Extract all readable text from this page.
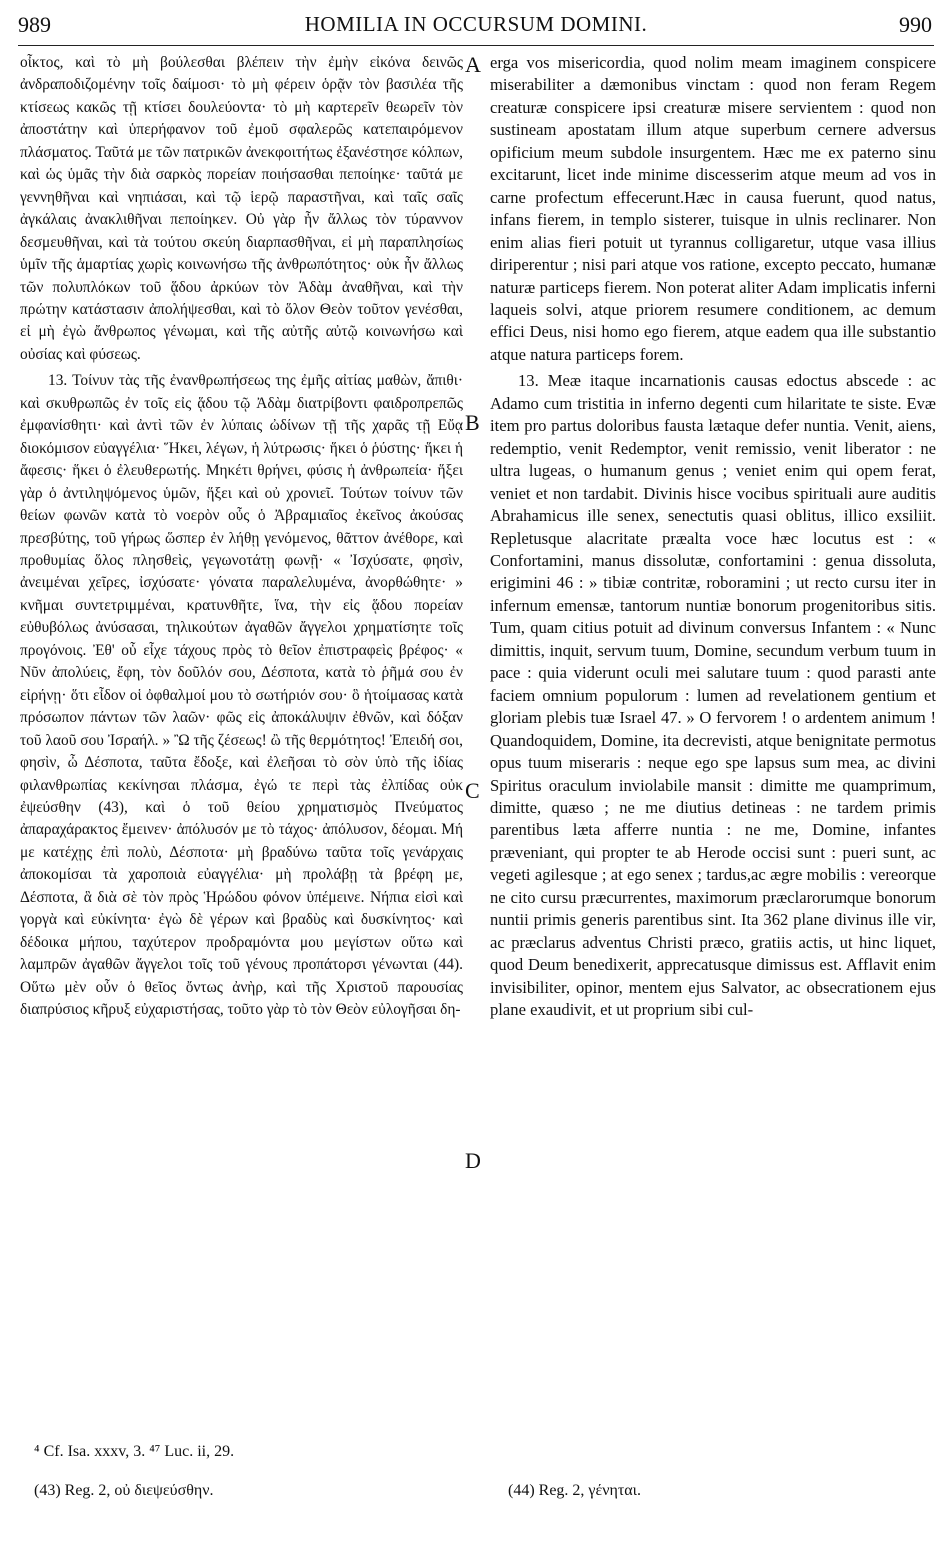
989	HOMILIA IN OCCURSUM DOMINI.	990

οἶκτος, καὶ τὸ μὴ βούλεσθαι βλέπειν τὴν ἐμὴν εἰκόνα δεινῶς ἀνδραποδιζομένην τοῖς δαίμοσι· τὸ μὴ φέρειν ὁρᾷν τὸν βασιλέα τῆς κτίσεως κακῶς τῇ κτίσει δουλεύοντα· τὸ μὴ καρτερεῖν θεωρεῖν τὸν ἀποστάτην καὶ ὑπερήφανον τοῦ ἐμοῦ σφαλερῶς κατεπαιρόμενον πλάσματος. Ταῦτά με τῶν πατρικῶν ἀνεκφοιτήτως ἐξανέστησε κόλπων, καὶ ὡς ὑμᾶς τὴν διὰ σαρκὸς πορείαν ποιήσασθαι πεποίηκε· ταῦτά με γεννηθῆναι καὶ νηπιάσαι, καὶ τῷ ἱερῷ παραστῆναι, καὶ ταῖς σαῖς ἀγκάλαις ἀνακλιθῆναι πεποίηκεν. Οὐ γὰρ ἦν ἄλλως τὸν τύραννον δεσμευθῆναι, καὶ τὰ τούτου σκεύη διαρπασθῆναι, εἰ μὴ παραπλησίως ὑμῖν τῆς ἁμαρτίας χωρὶς κοινωνήσω τῆς ἀνθρωπότητος· οὐκ ἦν ἄλλως τῶν πολυπλόκων τοῦ ᾅδου ἀρκύων τὸν Ἀδὰμ ἀναθῆναι, καὶ τὴν πρώτην κατάστασιν ἀπολήψεσθαι, καὶ τὸ ὅλον Θεὸν τοῦτον γενέσθαι, εἰ μὴ ἐγὼ ἄνθρωπος γένωμαι, καὶ τῆς αὐτῆς αὐτῷ κοινωνήσω καὶ οὐσίας καὶ φύσεως.

13. Τοίνυν τὰς τῆς ἐνανθρωπήσεως της ἐμῆς αἰτίας μαθὼν, ἄπιθι· καὶ σκυθρωπῶς ἐν τοῖς εἰς ᾅδου τῷ Ἀδὰμ διατρίβοντι φαιδροπρεπῶς ἐμφανίσθητι· καὶ ἀντὶ τῶν ἐν λύπαις ὠδίνων τῇ τῆς χαρᾶς τῇ Εὔᾳ διοκόμισον εὐαγγέλια· Ἥκει, λέγων, ἡ λύτρωσις· ἥκει ὁ ῥύστης· ἥκει ἡ ἄφεσις· ἥκει ὁ ἐλευθερωτής. Μηκέτι θρήνει, φύσις ἡ ἀνθρωπεία· ἥξει γὰρ ὁ ἀντιληψόμενος ὑμῶν, ἥξει καὶ οὐ χρονιεῖ. Τούτων τοίνυν τῶν θείων φωνῶν κατὰ τὸ νοερὸν οὖς ὁ Ἀβραμιαῖος ἐκεῖνος ἀκούσας πρεσβύτης, τοῦ γήρως ὥσπερ ἐν λήθῃ γενόμενος, θᾶττον ἀνέθορε, καὶ προθυμίας ὅλος πλησθεὶς, γεγωνοτάτῃ φωνῇ· « Ἰσχύσατε, φησὶν, ἀνειμέναι χεῖρες, ἰσχύσατε· γόνατα παραλελυμένα, ἀνορθώθητε· » κνῆμαι συντετριμμέναι, κρατυνθῆτε, ἵνα, τὴν εἰς ᾅδου πορείαν εὐθυβόλως ἀνύσασαι, τηλικούτων ἀγαθῶν ἄγγελοι χρηματίσητε τοῖς προγόνοις. Ἐθ' οὗ εἶχε τάχους πρὸς τὸ θεῖον ἐπιστραφεὶς βρέφος· « Νῦν ἀπολύεις, ἔφη, τὸν δοῦλόν σου, Δέσποτα, κατὰ τὸ ῥῆμά σου ἐν εἰρήνῃ· ὅτι εἶδον οἱ ὀφθαλμοί μου τὸ σωτήριόν σου· ὃ ἡτοίμασας κατὰ πρόσωπον πάντων τῶν λαῶν· φῶς εἰς ἀποκάλυψιν ἐθνῶν, καὶ δόξαν τοῦ λαοῦ σου Ἰσραήλ. » Ὢ τῆς ζέσεως! ὢ τῆς θερμότητος! Ἐπειδή σοι, φησὶν, ὦ Δέσποτα, ταῦτα ἔδοξε, καὶ ἐλεῆσαι τὸ σὸν ὑπὸ τῆς ἰδίας φιλανθρωπίας κεκίνησαι πλάσμα, ἐγώ τε περὶ τὰς ἐλπίδας οὐκ ἐψεύσθην (43), καὶ ὁ τοῦ θείου χρηματισμὸς Πνεύματος ἀπαραχάρακτος ἔμεινεν· ἀπόλυσόν με τὸ τάχος· ἀπόλυσον, δέομαι. Μή με κατέχῃς ἐπὶ πολὺ, Δέσποτα· μὴ βραδύνω ταῦτα τοῖς γενάρχαις ἀποκομίσαι τὰ χαροποιὰ εὐαγγέλια· μὴ προλάβῃ τὰ βρέφη με, Δέσποτα, ἃ διὰ σὲ τὸν πρὸς Ἡρώδου φόνον ὑπέμεινε. Νήπια εἰσὶ καὶ γοργὰ καὶ εὐκίνητα· ἐγὼ δὲ γέρων καὶ βραδὺς καὶ δυσκίνητος· καὶ δέδοικα μήπου, ταχύτερον προδραμόντα μου μεγίστων οὕτω καὶ λαμπρῶν ἀγαθῶν ἄγγελοι τοῖς τοῦ γένους προπάτορσι γένωνται (44). Οὕτω μὲν οὖν ὁ θεῖος ὄντως ἀνὴρ, καὶ τῆς Χριστοῦ παρουσίας διαπρύσιος κῆρυξ εὐχαριστήσας, τοῦτο γὰρ τὸ τὸν Θεὸν εὐλογῆσαι δη-

erga vos misericordia, quod nolim meam imaginem conspicere miserabiliter a dæmonibus vinctam : quod non feram Regem creaturæ conspicere ipsi creaturæ misere servientem : quod non sustineam apostatam illum atque superbum cernere adversus opificium meum subdole insurgentem. Hæc me ex paterno sinu excitarunt, licet inde minime discesserim atque meum ad vos in carne profectum effecerunt.Hæc in causa fuerunt, quod natus, infans fierem, in templo sisterer, tuisque in ulnis reclinarer. Non enim alias fieri potuit ut tyrannus colligaretur, utque vasa illius diriperentur ; nisi pari atque vos ratione, excepto peccato, humanæ naturæ particeps fierem. Non poterat aliter Adam implicatis inferni laqueis solvi, atque priorem resumere conditionem, ac demum effici Deus, nisi homo ego fierem, atque eadem qua ille substantio atque natura particeps forem.

13. Meæ itaque incarnationis causas edoctus abscede : ac Adamo cum tristitia in inferno degenti cum hilaritate te siste. Evæ item pro partus doloribus fausta lætaque defer nuntia. Venit, aiens, redemptio, venit Redemptor, venit remissio, venit liberator : ne ultra lugeas, o humanum genus ; veniet enim qui opem ferat, veniet et non tardabit. Divinis hisce vocibus spirituali aure auditis Abrahamicus ille senex, senectutis quasi oblitus, illico exsiliit. Repletusque alacritate præalta voce hæc locutus est : « Confortamini, manus dissolutæ, confortamini : genua dissoluta, erigimini 46 : » tibiæ contritæ, roboramini ; ut recto cursu iter in infernum emensæ, tantorum nuntiæ bonorum progenitoribus sitis. Tum, quam citius potuit ad divinum conversus Infantem : « Nunc dimittis, inquit, servum tuum, Domine, secundum verbum tuum in pace : quia viderunt oculi mei salutare tuum : quod parasti ante faciem omnium populorum : lumen ad revelationem gentium et gloriam plebis tuæ Israel 47. » O fervorem ! o ardentem animum ! Quandoquidem, Domine, ita decrevisti, atque benignitate permotus opus tuum miseraris : neque ego spe lapsus sum mea, ac divini Spiritus oraculum inviolabile mansit : dimitte me quamprimum, dimitte, quæso ; ne me diutius detineas : ne tardem primis parentibus læta afferre nuntia : ne me, Domine, infantes præveniant, qui propter te ab Herode occisi sunt : pueri sunt, ac vegeti agilesque ; at ego senex ; tardus,ac ægre mobilis : vereorque ne cito cursu præcurrentes, maximorum præclarorumque bonorum nuntii primis generis parentibus sint. Ita 362 plane divinus ille vir, ac præclarus adventus Christi præco, gratiis actis, ut hinc liquet, quod Deum benedixerit, apprecatusque dimissus est. Afflavit enim invisibiliter, opinor, mentem ejus Salvator, ac obsecrationem ejus plane exaudivit, et ut proprium sibi cul-

A
B
C
D
⁴ Cf. Isa. xxxv, 3. ⁴⁷ Luc. ii, 29.
(43) Reg. 2, οὐ διεψεύσθην.	(44) Reg. 2, γένηται.
